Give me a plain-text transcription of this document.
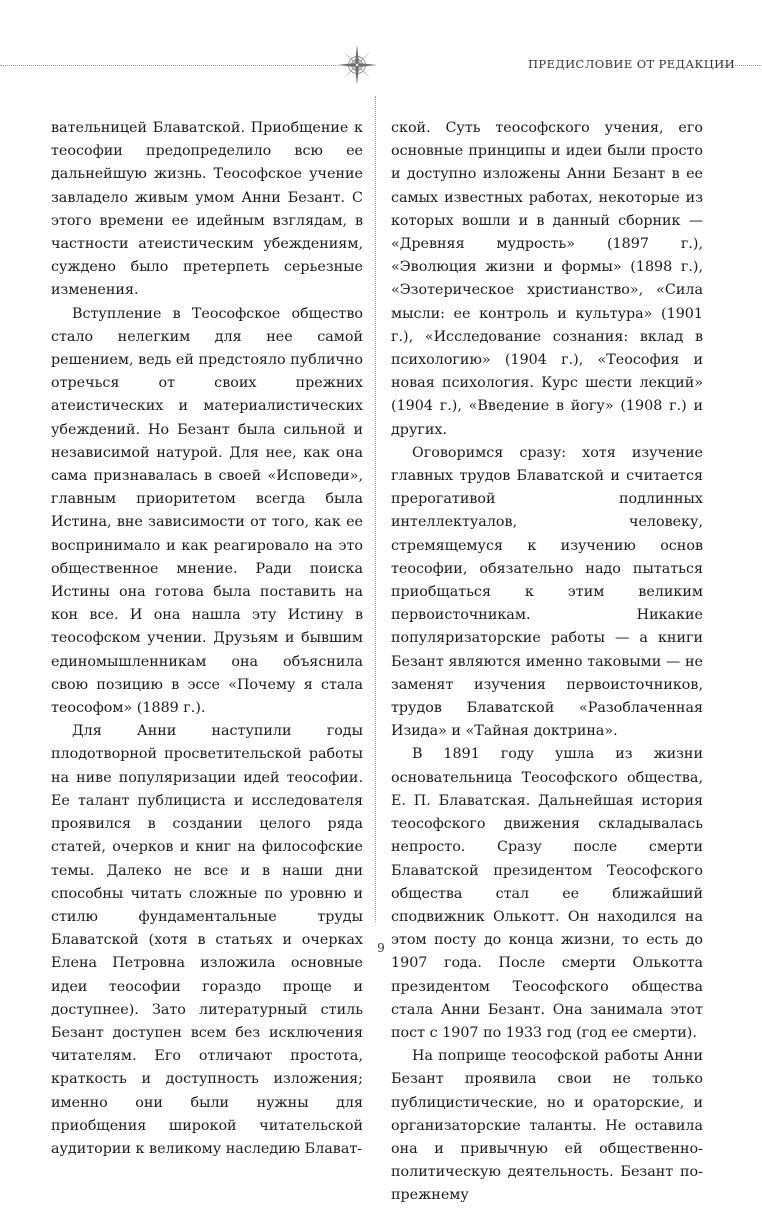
ПРЕДИСЛОВИЕ ОТ РЕДАКЦИИ

вательницей Блаватской. Приобщение к теософии предопределило всю ее дальнейшую жизнь. Теософское учение завладело живым умом Анни Безант. С этого времени ее идейным взглядам, в частности атеистическим убеждениям, суждено было претерпеть серьезные изменения.

Вступление в Теософское общество стало нелегким для нее самой решением, ведь ей предстояло публично отречься от своих прежних атеистических и материалистических убеждений. Но Безант была сильной и независимой натурой. Для нее, как она сама признавалась в своей «Исповеди», главным приоритетом всегда была Истина, вне зависимости от того, как ее воспринимало и как реагировало на это общественное мнение. Ради поиска Истины она готова была поставить на кон все. И она нашла эту Истину в теософском учении. Друзьям и бывшим единомышленникам она объяснила свою позицию в эссе «Почему я стала теософом» (1889 г.).

Для Анни наступили годы плодотворной просветительской работы на ниве популяризации идей теософии. Ее талант публициста и исследователя проявился в создании целого ряда статей, очерков и книг на философские темы. Далеко не все и в наши дни способны читать сложные по уровню и стилю фундаментальные труды Блаватской (хотя в статьях и очерках Елена Петровна изложила основные идеи теософии гораздо проще и доступнее). Зато литературный стиль Безант доступен всем без исключения читателям. Его отличают простота, краткость и доступность изложения; именно они были нужны для приобщения широкой читательской аудитории к великому наследию Блават-

ской. Суть теософского учения, его основные принципы и идеи были просто и доступно изложены Анни Безант в ее самых известных работах, некоторые из которых вошли и в данный сборник — «Древняя мудрость» (1897 г.), «Эволюция жизни и формы» (1898 г.), «Эзотерическое христианство», «Сила мысли: ее контроль и культура» (1901 г.), «Исследование сознания: вклад в психологию» (1904 г.), «Теософия и новая психология. Курс шести лекций» (1904 г.), «Введение в йогу» (1908 г.) и других.

Оговоримся сразу: хотя изучение главных трудов Блаватской и считается прерогативой подлинных интеллектуалов, человеку, стремящемуся к изучению основ теософии, обязательно надо пытаться приобщаться к этим великим первоисточникам. Никакие популяризаторские работы — а книги Безант являются именно таковыми — не заменят изучения первоисточников, трудов Блаватской «Разоблаченная Изида» и «Тайная доктрина».

В 1891 году ушла из жизни основательница Теософского общества, Е. П. Блаватская. Дальнейшая история теософского движения складывалась непросто. Сразу после смерти Блаватской президентом Теософского общества стал ее ближайший сподвижник Олькотт. Он находился на этом посту до конца жизни, то есть до 1907 года. После смерти Олькотта президентом Теософского общества стала Анни Безант. Она занимала этот пост с 1907 по 1933 год (год ее смерти).

На поприще теософской работы Анни Безант проявила свои не только публицистические, но и ораторские, и организаторские таланты. Не оставила она и привычную ей общественно-политическую деятельность. Безант по-прежнему

9
